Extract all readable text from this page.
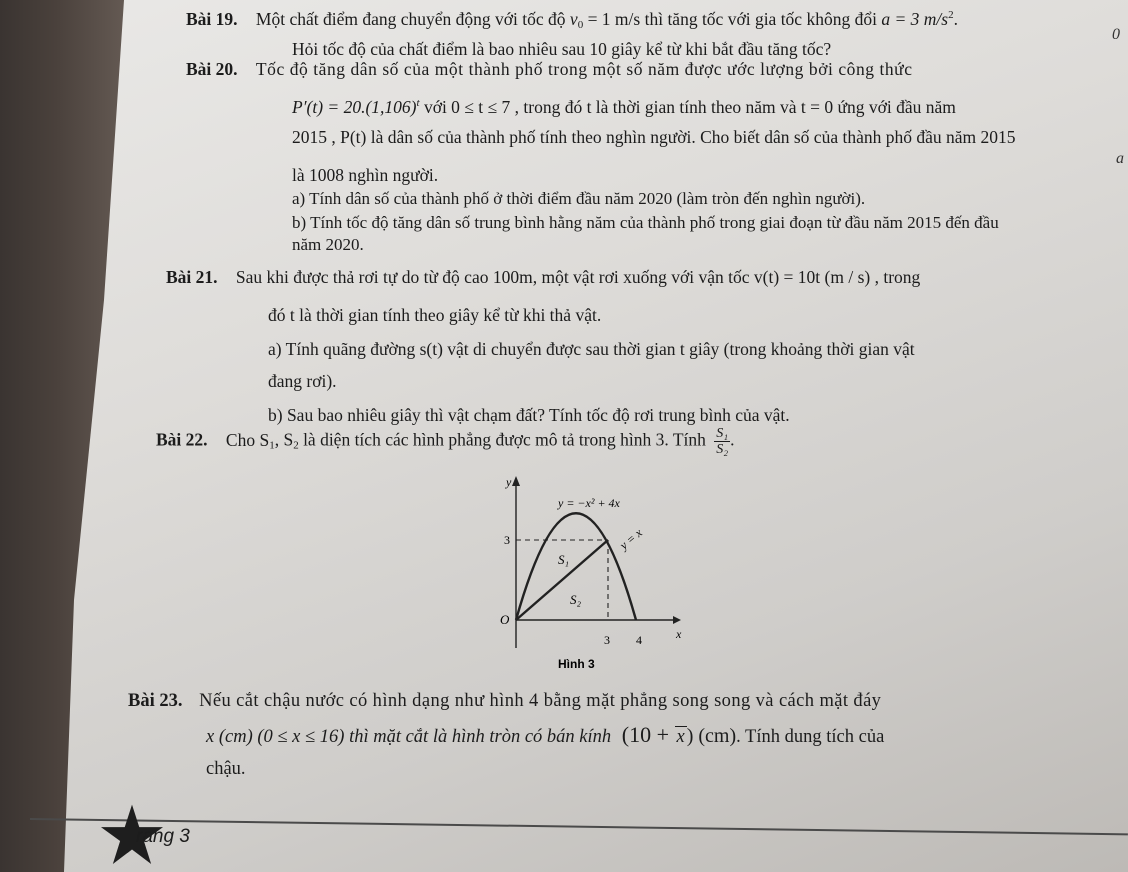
Bài 19. Một chất điểm đang chuyển động với tốc độ $v_0 = 1$ m/s thì tăng tốc với gia tốc không đổi a = 3 $m/s^2$.
Hỏi tốc độ của chất điểm là bao nhiêu sau 10 giây kể từ khi bắt đầu tăng tốc?
Bài 20. Tốc độ tăng dân số của một thành phố trong một số năm được ước lượng bởi công thức
$P'(t) = 20.(1,106)^t$ với 0 ≤ t ≤ 7 , trong đó t là thời gian tính theo năm và t = 0 ứng với đầu năm
2015 , P(t) là dân số của thành phố tính theo nghìn người. Cho biết dân số của thành phố đầu năm 2015
là 1008 nghìn người.
a) Tính dân số của thành phố ở thời điểm đầu năm 2020 (làm tròn đến nghìn người).
b) Tính tốc độ tăng dân số trung bình hằng năm của thành phố trong giai đoạn từ đầu năm 2015 đến đầu
năm 2020.
Bài 21. Sau khi được thả rơi tự do từ độ cao 100m, một vật rơi xuống với vận tốc v(t) = 10t (m / s) , trong
đó t là thời gian tính theo giây kể từ khi thả vật.
a) Tính quãng đường s(t) vật di chuyển được sau thời gian t giây (trong khoảng thời gian vật
đang rơi).
b) Sau bao nhiêu giây thì vật chạm đất? Tính tốc độ rơi trung bình của vật.
Bài 22. Cho $S_1$, $S_2$ là diện tích các hình phẳng được mô tả trong hình 3. Tính $\frac{\text{S₁}}{\text{S₂}}$ .
y
x
O
3
3 4
y = −x² + 4x
y = x
S₁
S₂
Hình 3
Bài 23. Nếu cắt chậu nước có hình dạng như hình 4 bằng mặt phẳng song song và cách mặt đáy
x (cm) (0 ≤ x ≤ 16) thì mặt cắt là hình tròn có bán kính (10 + x ) (cm). Tính dung tích của
chậu.
0
a
rang 3
